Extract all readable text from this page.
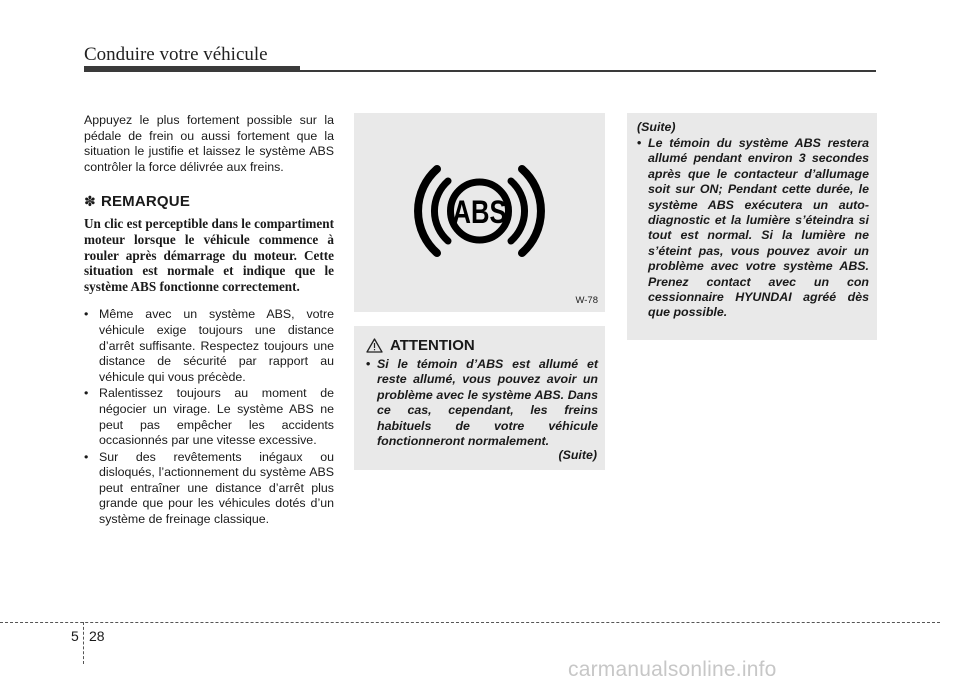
Conduire votre véhicule

Appuyez le plus fortement possible sur la pédale de frein ou aussi fortement que la situation le justifie et laissez le système ABS contrôler la force délivrée aux freins.

✽ REMARQUE

Un clic est perceptible dans le compartiment moteur lorsque le véhicule commence à rouler après démarrage du moteur. Cette situation est normale et indique que le système ABS fonctionne correctement.

• Même avec un système ABS, votre véhicule exige toujours une distance d’arrêt suffisante. Respectez toujours une distance de sécurité par rapport au véhicule qui vous précède.
• Ralentissez toujours au moment de négocier un virage. Le système ABS ne peut pas empêcher les accidents occasionnés par une vitesse excessive.
• Sur des revêtements inégaux ou disloqués, l’actionnement du système ABS peut entraîner une distance d’arrêt plus grande que pour les véhicules dotés d’un système de freinage classique.
ABS
W-78
ATTENTION
• Si le témoin d’ABS est allumé et reste allumé, vous pouvez avoir un problème avec le système ABS. Dans ce cas, cependant, les freins habituels de votre véhicule fonctionneront normalement.
(Suite)
(Suite)
• Le témoin du système ABS restera allumé pendant environ 3 secondes après que le contacteur d’allumage soit sur ON; Pendant cette durée, le système ABS exécutera un auto-diagnostic et la lumière s’éteindra si tout est normal. Si la lumière ne s’éteint pas, vous pouvez avoir un problème avec votre système ABS. Prenez contact avec un con cessionnaire HYUNDAI agréé dès que possible.
5 28
carmanualsonline.info
